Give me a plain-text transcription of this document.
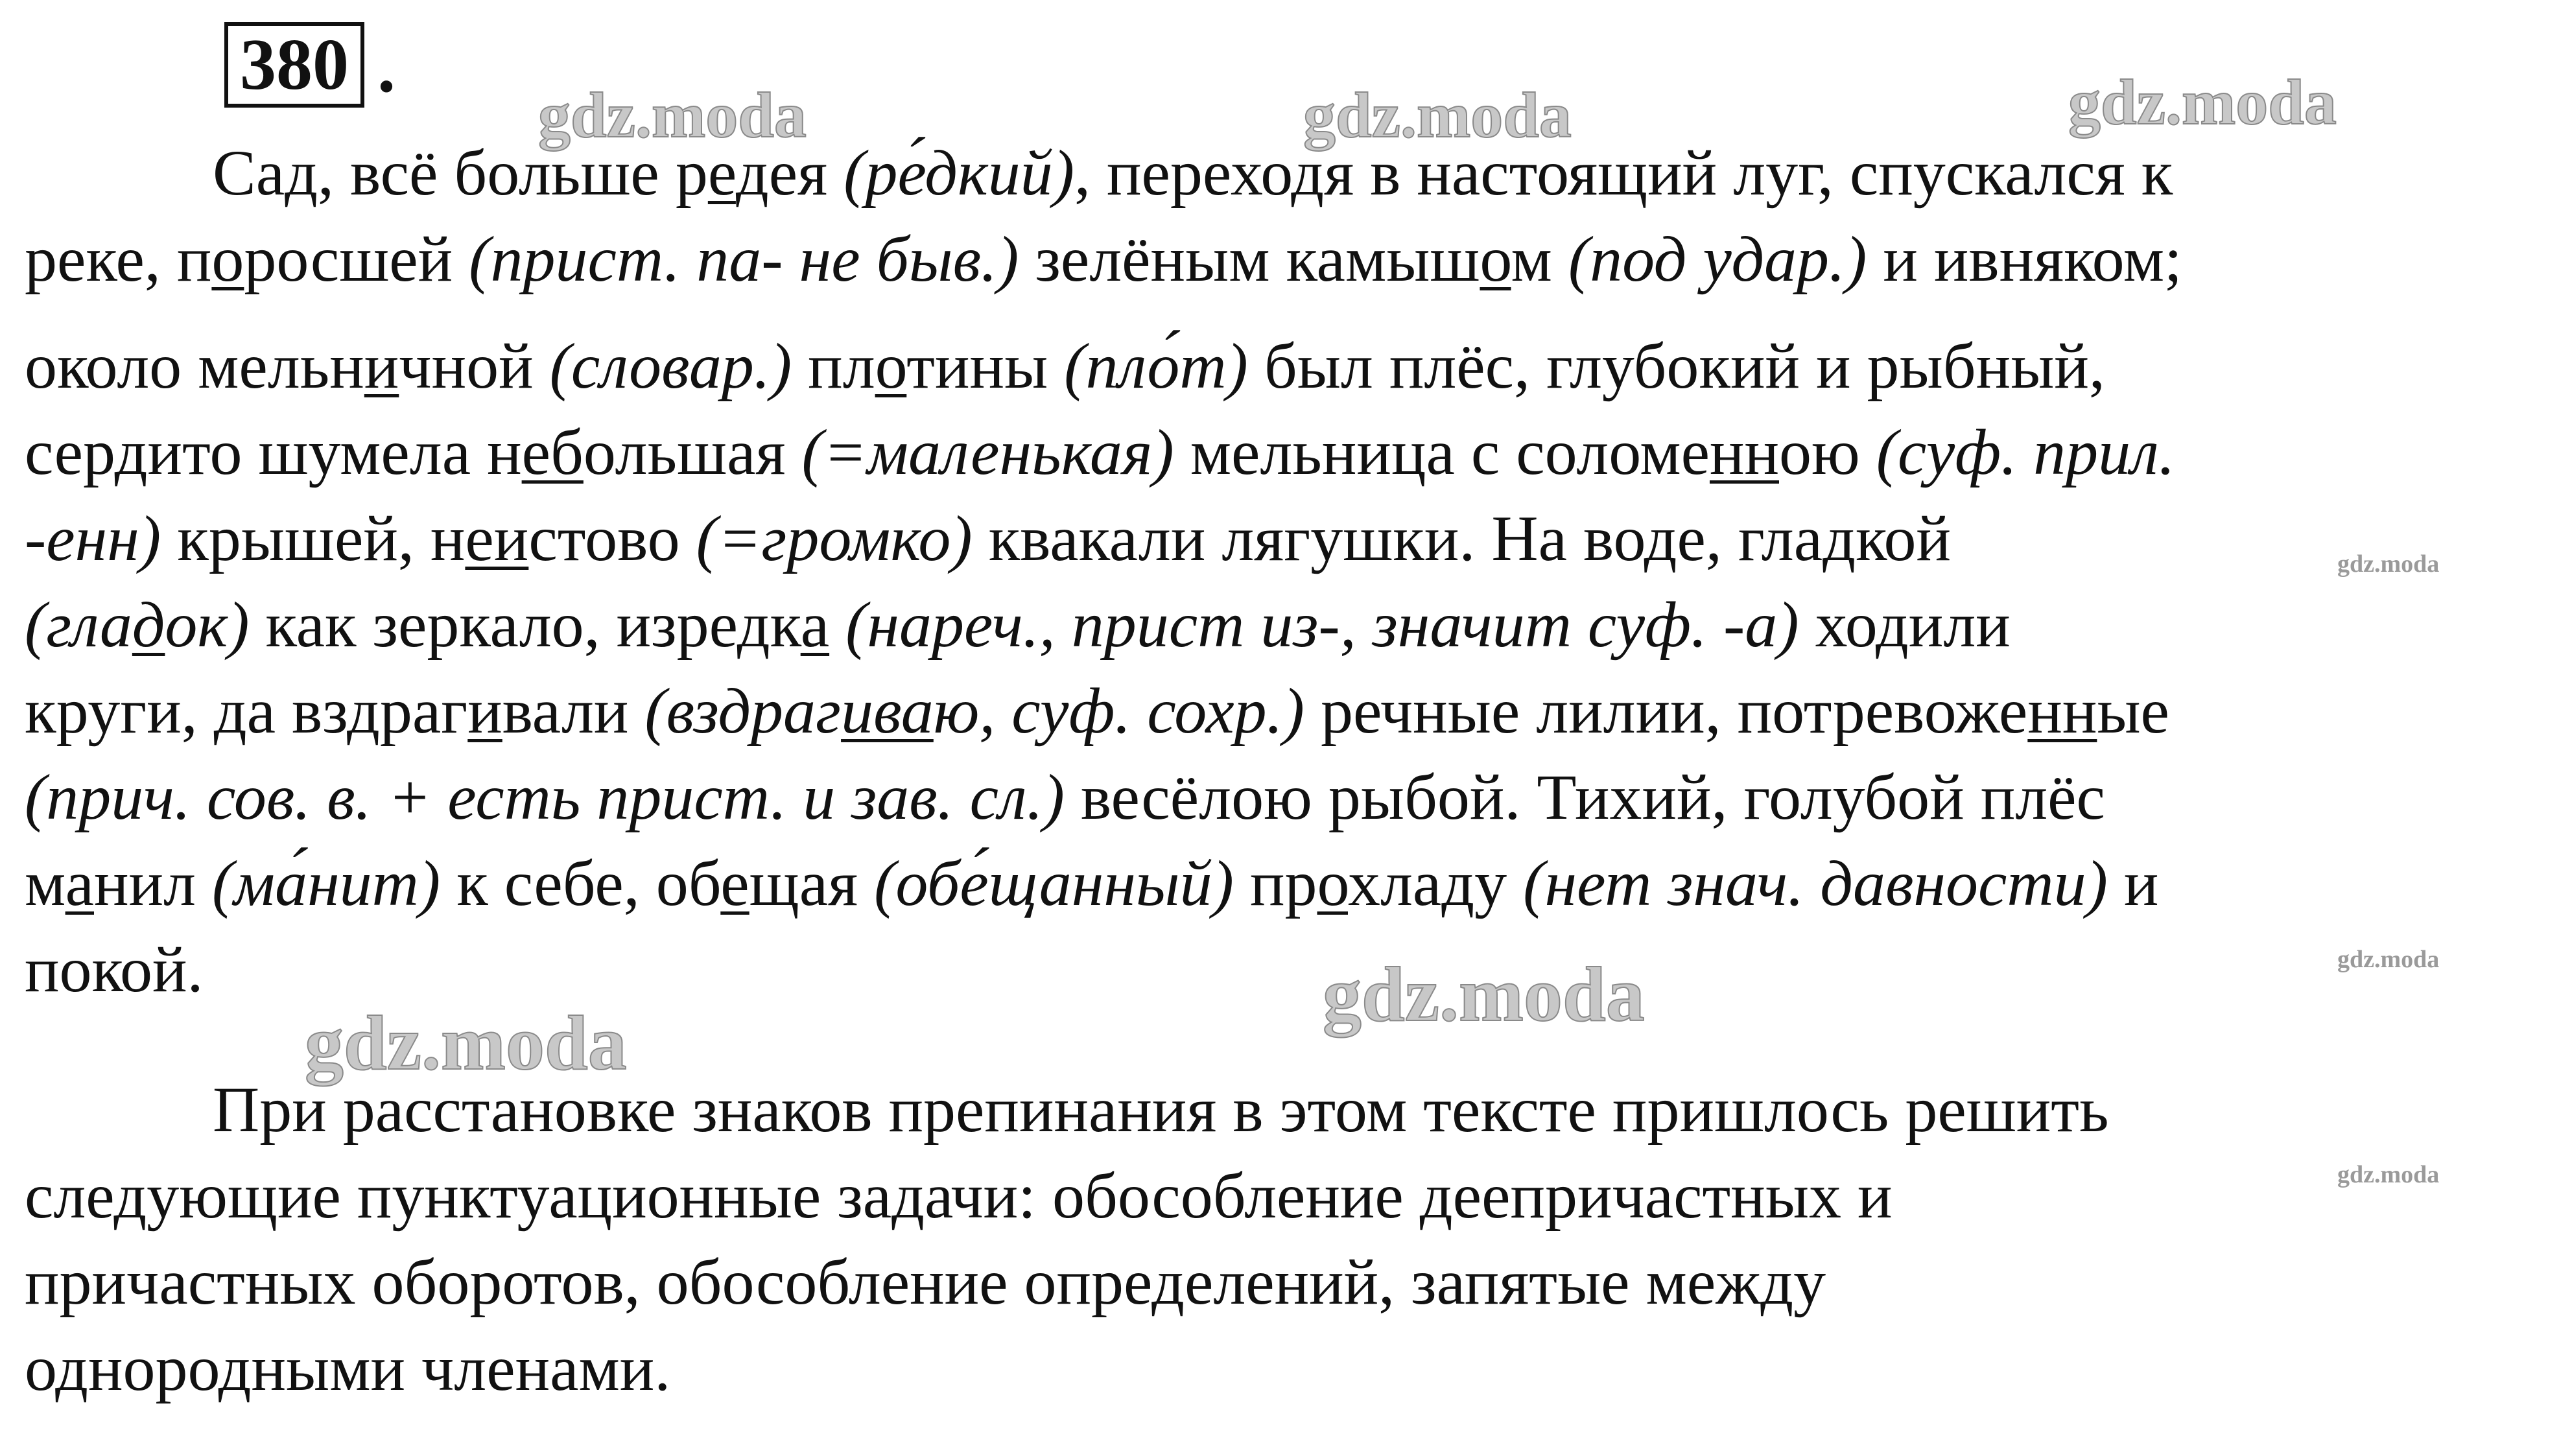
380 .
Сад, всё больше редея (ре́дкий), переходя в настоящий луг, спускался к
реке, поросшей (прист. па- не быв.) зелёным камышом (под удар.) и ивняком;
около мельничной (словар.) плотины (пло́т) был плёс, глубокий и рыбный,
сердито шумела небольшая (=маленькая) мельница с соломенною (суф. прил.
-енн) крышей, неистово (=громко) квакали лягушки. На воде, гладкой
(гладок) как зеркало, изредка (нареч., прист из-, значит суф. -а) ходили
круги, да вздрагивали (вздрагиваю, суф. сохр.) речные лилии, потревоженные
(прич. сов. в. + есть прист. и зав. сл.) весёлою рыбой. Тихий, голубой плёс
манил (ма́нит) к себе, обещая (обе́щанный) прохладу (нет знач. давности) и
покой.
При расстановке знаков препинания в этом тексте пришлось решить
следующие пунктуационные задачи: обособление деепричастных и
причастных оборотов, обособление определений, запятые между
однородными членами.
gdz.moda	gdz.moda	gdz.moda
gdz.moda
gdz.moda
gdz.moda
gdz.moda
gdz.moda
